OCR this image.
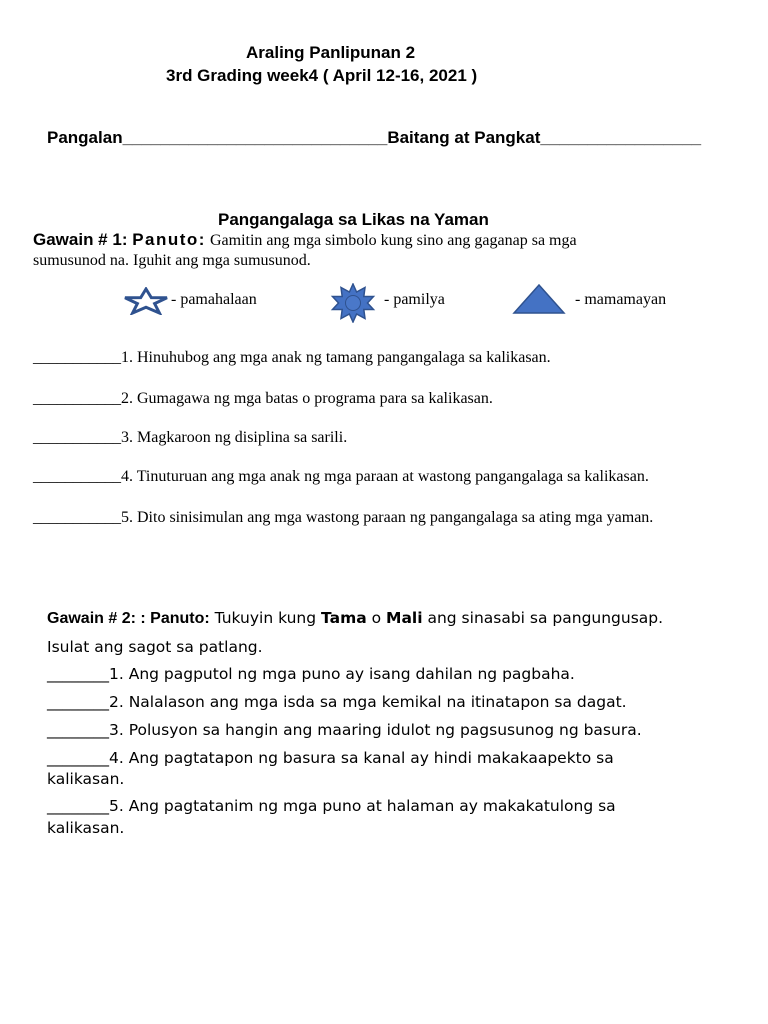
Araling Panlipunan 2
3rd Grading week4 ( April 12-16, 2021 )
Pangalan____________________________Baitang at Pangkat_________________
Pangangalaga sa Likas na Yaman
Gawain # 1: Panuto: Gamitin ang mga simbolo kung sino ang gaganap sa mga
sumusunod na. Iguhit ang mga sumusunod.
- pamahalaan	- pamilya	- mamamayan
___________1. Hinuhubog ang mga anak ng tamang pangangalaga sa kalikasan.
___________2. Gumagawa ng mga batas o programa para sa kalikasan.
___________3. Magkaroon ng disiplina sa sarili.
___________4. Tinuturuan ang mga anak ng mga paraan at wastong pangangalaga sa kalikasan.
___________5. Dito sinisimulan ang mga wastong paraan ng pangangalaga sa ating mga yaman.
Gawain # 2: : Panuto: Tukuyin kung Tama o Mali ang sinasabi sa pangungusap.
Isulat ang sagot sa patlang.
________1. Ang pagputol ng mga puno ay isang dahilan ng pagbaha.
________2. Nalalason ang mga isda sa mga kemikal na itinatapon sa dagat.
________3. Polusyon sa hangin ang maaring idulot ng pagsusunog ng basura.
________4. Ang pagtatapon ng basura sa kanal ay hindi makakaapekto sa
kalikasan.
________5. Ang pagtatanim ng mga puno at halaman ay makakatulong sa
kalikasan.
